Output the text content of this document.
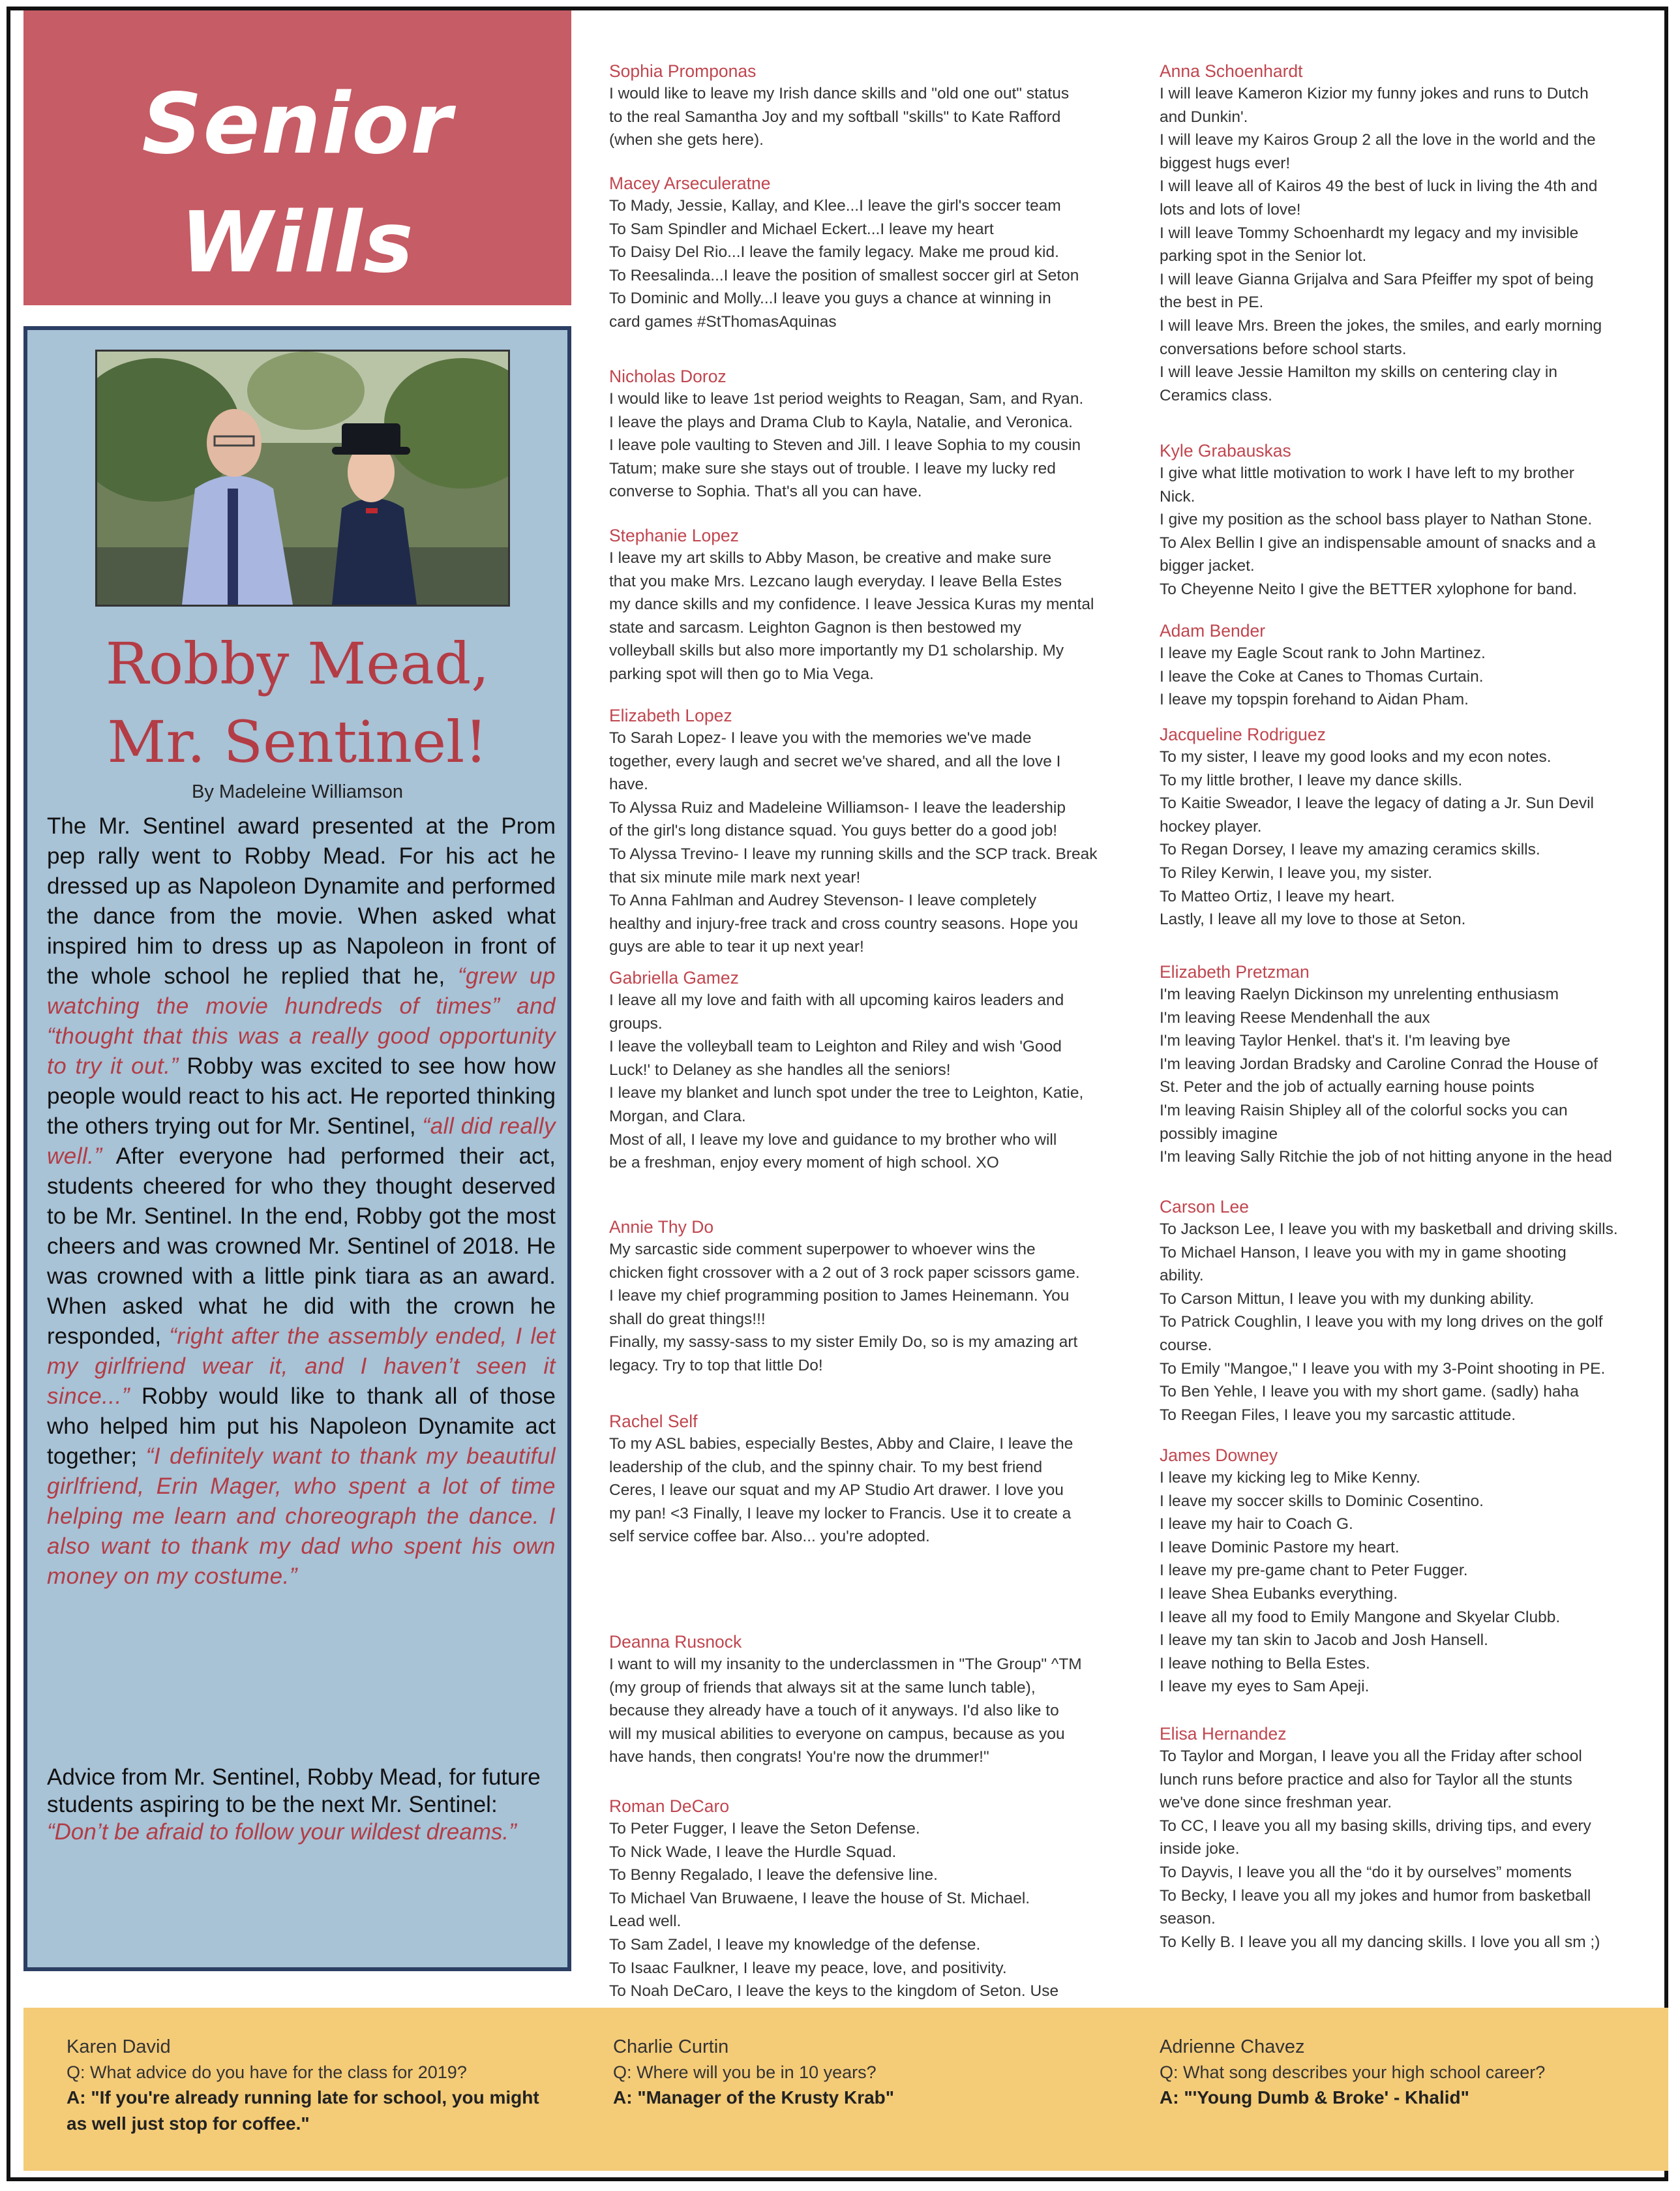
Senior
Wills
Robby Mead,
Mr. Sentinel!
By Madeleine Williamson

The Mr. Sentinel award presented at the Prom pep rally went to Robby Mead. For his act he dressed up as Napoleon Dynamite and performed the dance from the movie. When asked what inspired him to dress up as Napoleon in front of the whole school he replied that he, “grew up watching the movie hundreds of times” and “thought that this was a really good opportunity to try it out.” Robby was excited to see how how people would react to his act. He reported thinking the others trying out for Mr. Sentinel, “all did really well.” After everyone had performed their act, students cheered for who they thought deserved to be Mr. Sentinel. In the end, Robby got the most cheers and was crowned Mr. Sentinel of 2018. He was crowned with a little pink tiara as an award. When asked what he did with the crown he responded, “right after the assembly ended, I let my girlfriend wear it, and I haven’t seen it since...” Robby would like to thank all of those who helped him put his Napoleon Dynamite act together; “I definitely want to thank my beautiful girlfriend, Erin Mager, who spent a lot of time helping me learn and choreograph the dance. I also want to thank my dad who spent his own money on my costume.”

Advice from Mr. Sentinel, Robby Mead, for future students aspiring to be the next Mr. Sentinel:
“Don’t be afraid to follow your wildest dreams.”
Sophia Promponas
I would like to leave my Irish dance skills and "old one out" status
to the real Samantha Joy and my softball "skills" to Kate Rafford
(when she gets here).
Macey Arseculeratne
To Mady, Jessie, Kallay, and Klee...I leave the girl's soccer team
To Sam Spindler and Michael Eckert...I leave my heart
To Daisy Del Rio...I leave the family legacy. Make me proud kid.
To Reesalinda...I leave the position of smallest soccer girl at Seton
To Dominic and Molly...I leave you guys a chance at winning in
card games #StThomasAquinas
Nicholas Doroz
I would like to leave 1st period weights to Reagan, Sam, and Ryan.
I leave the plays and Drama Club to Kayla, Natalie, and Veronica.
I leave pole vaulting to Steven and Jill. I leave Sophia to my cousin
Tatum; make sure she stays out of trouble. I leave my lucky red
converse to Sophia. That's all you can have.
Stephanie Lopez
I leave my art skills to Abby Mason, be creative and make sure
that you make Mrs. Lezcano laugh everyday. I leave Bella Estes
my dance skills and my confidence. I leave Jessica Kuras my mental
state and sarcasm. Leighton Gagnon is then bestowed my
volleyball skills but also more importantly my D1 scholarship. My
parking spot will then go to Mia Vega.
Elizabeth Lopez
To Sarah Lopez- I leave you with the memories we've made
together, every laugh and secret we've shared, and all the love I
have.
To Alyssa Ruiz and Madeleine Williamson- I leave the leadership
of the girl's long distance squad. You guys better do a good job!
To Alyssa Trevino- I leave my running skills and the SCP track. Break
that six minute mile mark next year!
To Anna Fahlman and Audrey Stevenson- I leave completely
healthy and injury-free track and cross country seasons. Hope you
guys are able to tear it up next year!
Gabriella Gamez
I leave all my love and faith with all upcoming kairos leaders and
groups.
I leave the volleyball team to Leighton and Riley and wish 'Good
Luck!' to Delaney as she handles all the seniors!
I leave my blanket and lunch spot under the tree to Leighton, Katie,
Morgan, and Clara.
Most of all, I leave my love and guidance to my brother who will
be a freshman, enjoy every moment of high school. XO
Annie Thy Do
My sarcastic side comment superpower to whoever wins the
chicken fight crossover with a 2 out of 3 rock paper scissors game.
I leave my chief programming position to James Heinemann. You
shall do great things!!!
Finally, my sassy-sass to my sister Emily Do, so is my amazing art
legacy. Try to top that little Do!
Rachel Self
To my ASL babies, especially Bestes, Abby and Claire, I leave the
leadership of the club, and the spinny chair. To my best friend
Ceres, I leave our squat and my AP Studio Art drawer. I love you
my pan! <3 Finally, I leave my locker to Francis. Use it to create a
self service coffee bar. Also... you're adopted.
Deanna Rusnock
I want to will my insanity to the underclassmen in "The Group" ^TM
(my group of friends that always sit at the same lunch table),
because they already have a touch of it anyways. I'd also like to
will my musical abilities to everyone on campus, because as you
have hands, then congrats! You're now the drummer!"
Roman DeCaro
To Peter Fugger, I leave the Seton Defense.
To Nick Wade, I leave the Hurdle Squad.
To Benny Regalado, I leave the defensive line.
To Michael Van Bruwaene, I leave the house of St. Michael.
Lead well.
To Sam Zadel, I leave my knowledge of the defense.
To Isaac Faulkner, I leave my peace, love, and positivity.
To Noah DeCaro, I leave the keys to the kingdom of Seton. Use

Anna Schoenhardt
I will leave Kameron Kizior my funny jokes and runs to Dutch
and Dunkin'.
I will leave my Kairos Group 2 all the love in the world and the
biggest hugs ever!
I will leave all of Kairos 49 the best of luck in living the 4th and
lots and lots of love!
I will leave Tommy Schoenhardt my legacy and my invisible
parking spot in the Senior lot.
I will leave Gianna Grijalva and Sara Pfeiffer my spot of being
the best in PE.
I will leave Mrs. Breen the jokes, the smiles, and early morning
conversations before school starts.
I will leave Jessie Hamilton my skills on centering clay in
Ceramics class.
Kyle Grabauskas
I give what little motivation to work I have left to my brother
Nick.
I give my position as the school bass player to Nathan Stone.
To Alex Bellin I give an indispensable amount of snacks and a
bigger jacket.
To Cheyenne Neito I give the BETTER xylophone for band.
Adam Bender
I leave my Eagle Scout rank to John Martinez.
I leave the Coke at Canes to Thomas Curtain.
I leave my topspin forehand to Aidan Pham.
Jacqueline Rodriguez
To my sister, I leave my good looks and my econ notes.
To my little brother, I leave my dance skills.
To Kaitie Sweador, I leave the legacy of dating a Jr. Sun Devil
hockey player.
To Regan Dorsey, I leave my amazing ceramics skills.
To Riley Kerwin, I leave you, my sister.
To Matteo Ortiz, I leave my heart.
Lastly, I leave all my love to those at Seton.
Elizabeth Pretzman
I'm leaving Raelyn Dickinson my unrelenting enthusiasm
I'm leaving Reese Mendenhall the aux
I'm leaving Taylor Henkel. that's it. I'm leaving bye
I'm leaving Jordan Bradsky and Caroline Conrad the House of
St. Peter and the job of actually earning house points
I'm leaving Raisin Shipley all of the colorful socks you can
possibly imagine
I'm leaving Sally Ritchie the job of not hitting anyone in the head
Carson Lee
To Jackson Lee, I leave you with my basketball and driving skills.
To Michael Hanson, I leave you with my in game shooting
ability.
To Carson Mittun, I leave you with my dunking ability.
To Patrick Coughlin, I leave you with my long drives on the golf
course.
To Emily "Mangoe," I leave you with my 3-Point shooting in PE.
To Ben Yehle, I leave you with my short game. (sadly) haha
To Reegan Files, I leave you my sarcastic attitude.
James Downey
I leave my kicking leg to Mike Kenny.
I leave my soccer skills to Dominic Cosentino.
I leave my hair to Coach G.
I leave Dominic Pastore my heart.
I leave my pre-game chant to Peter Fugger.
I leave Shea Eubanks everything.
I leave all my food to Emily Mangone and Skyelar Clubb.
I leave my tan skin to Jacob and Josh Hansell.
I leave nothing to Bella Estes.
I leave my eyes to Sam Apeji.
Elisa Hernandez
To Taylor and Morgan, I leave you all the Friday after school
lunch runs before practice and also for Taylor all the stunts
we've done since freshman year.
To CC, I leave you all my basing skills, driving tips, and every
inside joke.
To Dayvis, I leave you all the “do it by ourselves” moments
To Becky, I leave you all my jokes and humor from basketball
season.
To Kelly B. I leave you all my dancing skills. I love you all sm ;)
Karen David
Q: What advice do you have for the class for 2019?
A: "If you're already running late for school, you might as well just stop for coffee."
Charlie Curtin
Q: Where will you be in 10 years?
A: "Manager of the Krusty Krab"
Adrienne Chavez
Q: What song describes your high school career?
A: "'Young Dumb & Broke' - Khalid"
